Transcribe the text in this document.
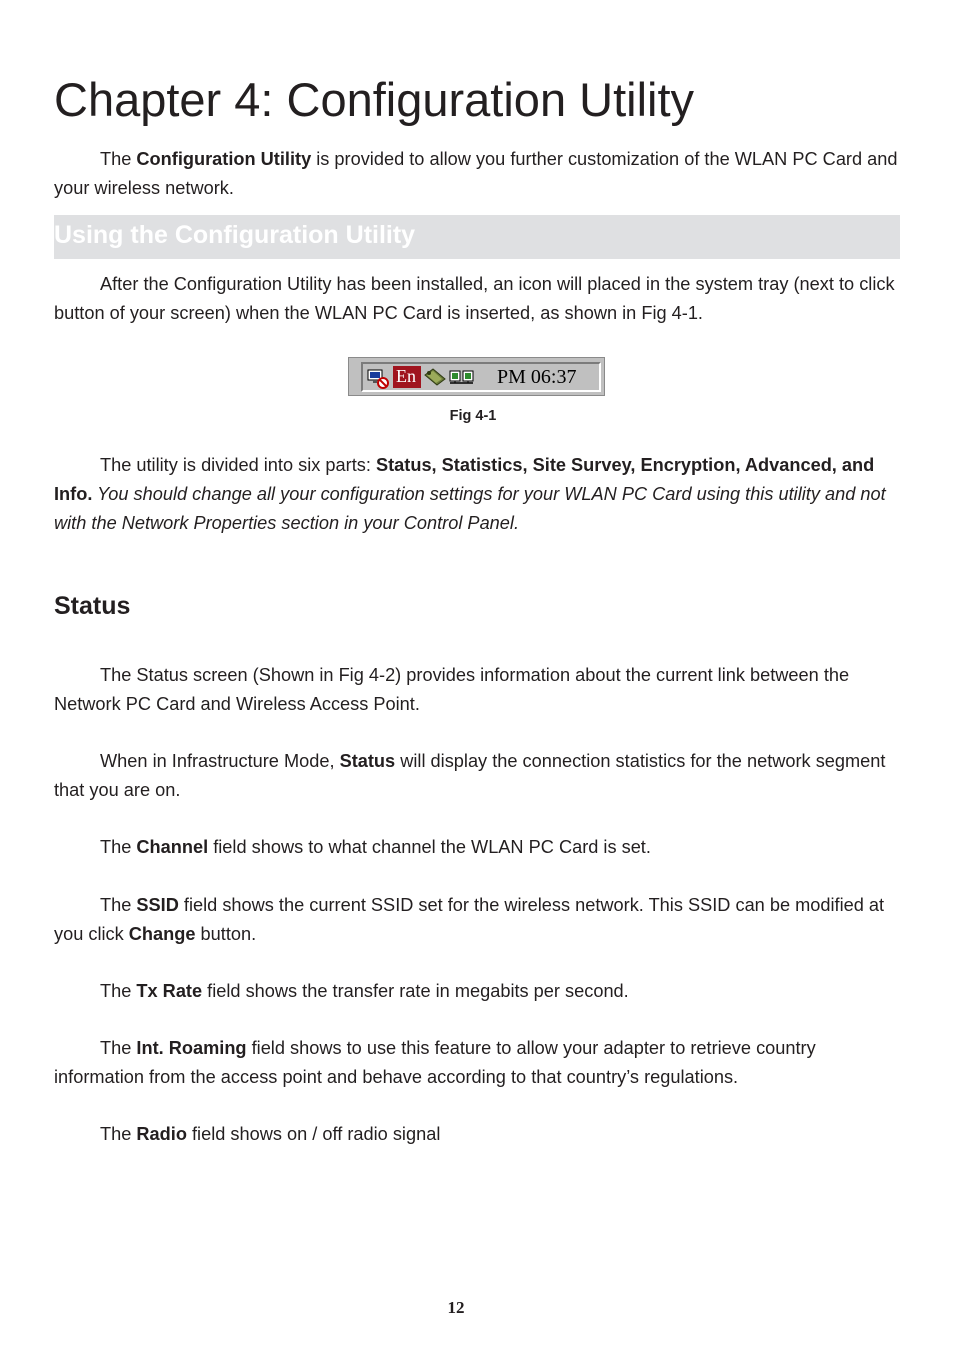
Chapter 4: Configuration Utility

The Configuration Utility is provided to allow you further customization of the WLAN PC Card and your wireless network.

Using the Configuration Utility

After the Configuration Utility has been installed, an icon will placed in the system tray (next to click button of your screen) when the WLAN PC Card is inserted, as shown in Fig 4-1.

En	PM 06:37
Fig 4-1

The utility is divided into six parts: Status, Statistics, Site Survey, Encryption, Advanced, and Info. You should change all your configuration settings for your WLAN PC Card using this utility and not with the Network Properties section in your Control Panel.

Status

The Status screen (Shown in Fig 4-2) provides information about the current link between the Network PC Card and Wireless Access Point.

When in Infrastructure Mode, Status will display the connection statistics for the network segment that you are on.

The Channel field shows to what channel the WLAN PC Card is set.

The SSID field shows the current SSID set for the wireless network. This SSID can be modified at you click Change button.

The Tx Rate field shows the transfer rate in megabits per second.

The Int. Roaming field shows to use this feature to allow your adapter to retrieve country information from the access point and behave according to that country’s regulations.

The Radio field shows on / off radio signal

12
